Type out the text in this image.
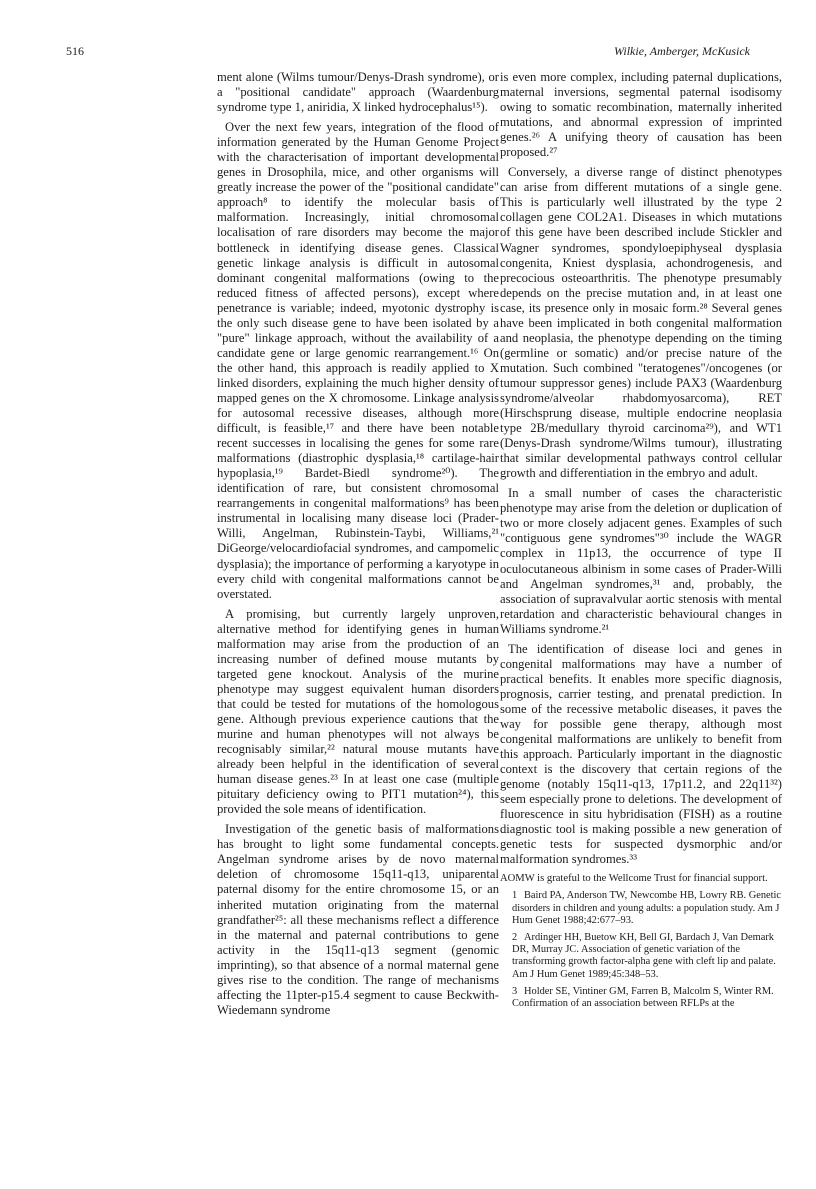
516	Wilkie, Amberger, McKusick

ment alone (Wilms tumour/Denys-Drash syndrome), or a "positional candidate" approach (Waardenburg syndrome type 1, aniridia, X linked hydrocephalus¹⁵).

Over the next few years, integration of the flood of information generated by the Human Genome Project with the characterisation of important developmental genes in Drosophila, mice, and other organisms will greatly increase the power of the "positional candidate" approach⁸ to identify the molecular basis of malformation. Increasingly, initial chromosomal localisation of rare disorders may become the major bottleneck in identifying disease genes. Classical genetic linkage analysis is difficult in autosomal dominant congenital malformations (owing to the reduced fitness of affected persons), except where penetrance is variable; indeed, myotonic dystrophy is the only such disease gene to have been isolated by a "pure" linkage approach, without the availability of a candidate gene or large genomic rearrangement.¹⁶ On the other hand, this approach is readily applied to X linked disorders, explaining the much higher density of mapped genes on the X chromosome. Linkage analysis for autosomal recessive diseases, although more difficult, is feasible,¹⁷ and there have been notable recent successes in localising the genes for some rare malformations (diastrophic dysplasia,¹⁸ cartilage-hair hypoplasia,¹⁹ Bardet-Biedl syndrome²⁰). The identification of rare, but consistent chromosomal rearrangements in congenital malformations⁹ has been instrumental in localising many disease loci (Prader-Willi, Angelman, Rubinstein-Taybi, Williams,²¹ DiGeorge/velocardiofacial syndromes, and campomelic dysplasia); the importance of performing a karyotype in every child with congenital malformations cannot be overstated.

A promising, but currently largely unproven, alternative method for identifying genes in human malformation may arise from the production of an increasing number of defined mouse mutants by targeted gene knockout. Analysis of the murine phenotype may suggest equivalent human disorders that could be tested for mutations of the homologous gene. Although previous experience cautions that the murine and human phenotypes will not always be recognisably similar,²² natural mouse mutants have already been helpful in the identification of several human disease genes.²³ In at least one case (multiple pituitary deficiency owing to PIT1 mutation²⁴), this provided the sole means of identification.

Investigation of the genetic basis of malformations has brought to light some fundamental concepts. Angelman syndrome arises by de novo maternal deletion of chromosome 15q11-q13, uniparental paternal disomy for the entire chromosome 15, or an inherited mutation originating from the maternal grandfather²⁵: all these mechanisms reflect a difference in the maternal and paternal contributions to gene activity in the 15q11-q13 segment (genomic imprinting), so that absence of a normal maternal gene gives rise to the condition. The range of mechanisms affecting the 11pter-p15.4 segment to cause Beckwith-Wiedemann syndrome

is even more complex, including paternal duplications, maternal inversions, segmental paternal isodisomy owing to somatic recombination, maternally inherited mutations, and abnormal expression of imprinted genes.²⁶ A unifying theory of causation has been proposed.²⁷

Conversely, a diverse range of distinct phenotypes can arise from different mutations of a single gene. This is particularly well illustrated by the type 2 collagen gene COL2A1. Diseases in which mutations of this gene have been described include Stickler and Wagner syndromes, spondyloepiphyseal dysplasia congenita, Kniest dysplasia, achondrogenesis, and precocious osteoarthritis. The phenotype presumably depends on the precise mutation and, in at least one case, its presence only in mosaic form.²⁸ Several genes have been implicated in both congenital malformation and neoplasia, the phenotype depending on the timing (germline or somatic) and/or precise nature of the mutation. Such combined "teratogenes"/oncogenes (or tumour suppressor genes) include PAX3 (Waardenburg syndrome/alveolar rhabdomyosarcoma), RET (Hirschsprung disease, multiple endocrine neoplasia type 2B/medullary thyroid carcinoma²⁹), and WT1 (Denys-Drash syndrome/Wilms tumour), illustrating that similar developmental pathways control cellular growth and differentiation in the embryo and adult.

In a small number of cases the characteristic phenotype may arise from the deletion or duplication of two or more closely adjacent genes. Examples of such "contiguous gene syndromes"³⁰ include the WAGR complex in 11p13, the occurrence of type II oculocutaneous albinism in some cases of Prader-Willi and Angelman syndromes,³¹ and, probably, the association of supravalvular aortic stenosis with mental retardation and characteristic behavioural changes in Williams syndrome.²¹

The identification of disease loci and genes in congenital malformations may have a number of practical benefits. It enables more specific diagnosis, prognosis, carrier testing, and prenatal prediction. In some of the recessive metabolic diseases, it paves the way for possible gene therapy, although most congenital malformations are unlikely to benefit from this approach. Particularly important in the diagnostic context is the discovery that certain regions of the genome (notably 15q11-q13, 17p11.2, and 22q11³²) seem especially prone to deletions. The development of fluorescence in situ hybridisation (FISH) as a routine diagnostic tool is making possible a new generation of genetic tests for suspected dysmorphic and/or malformation syndromes.³³

AOMW is grateful to the Wellcome Trust for financial support.

1 Baird PA, Anderson TW, Newcombe HB, Lowry RB. Genetic disorders in children and young adults: a population study. Am J Hum Genet 1988;42:677–93.

2 Ardinger HH, Buetow KH, Bell GI, Bardach J, Van Demark DR, Murray JC. Association of genetic variation of the transforming growth factor-alpha gene with cleft lip and palate. Am J Hum Genet 1989;45:348–53.

3 Holder SE, Vintiner GM, Farren B, Malcolm S, Winter RM. Confirmation of an association between RFLPs at the
